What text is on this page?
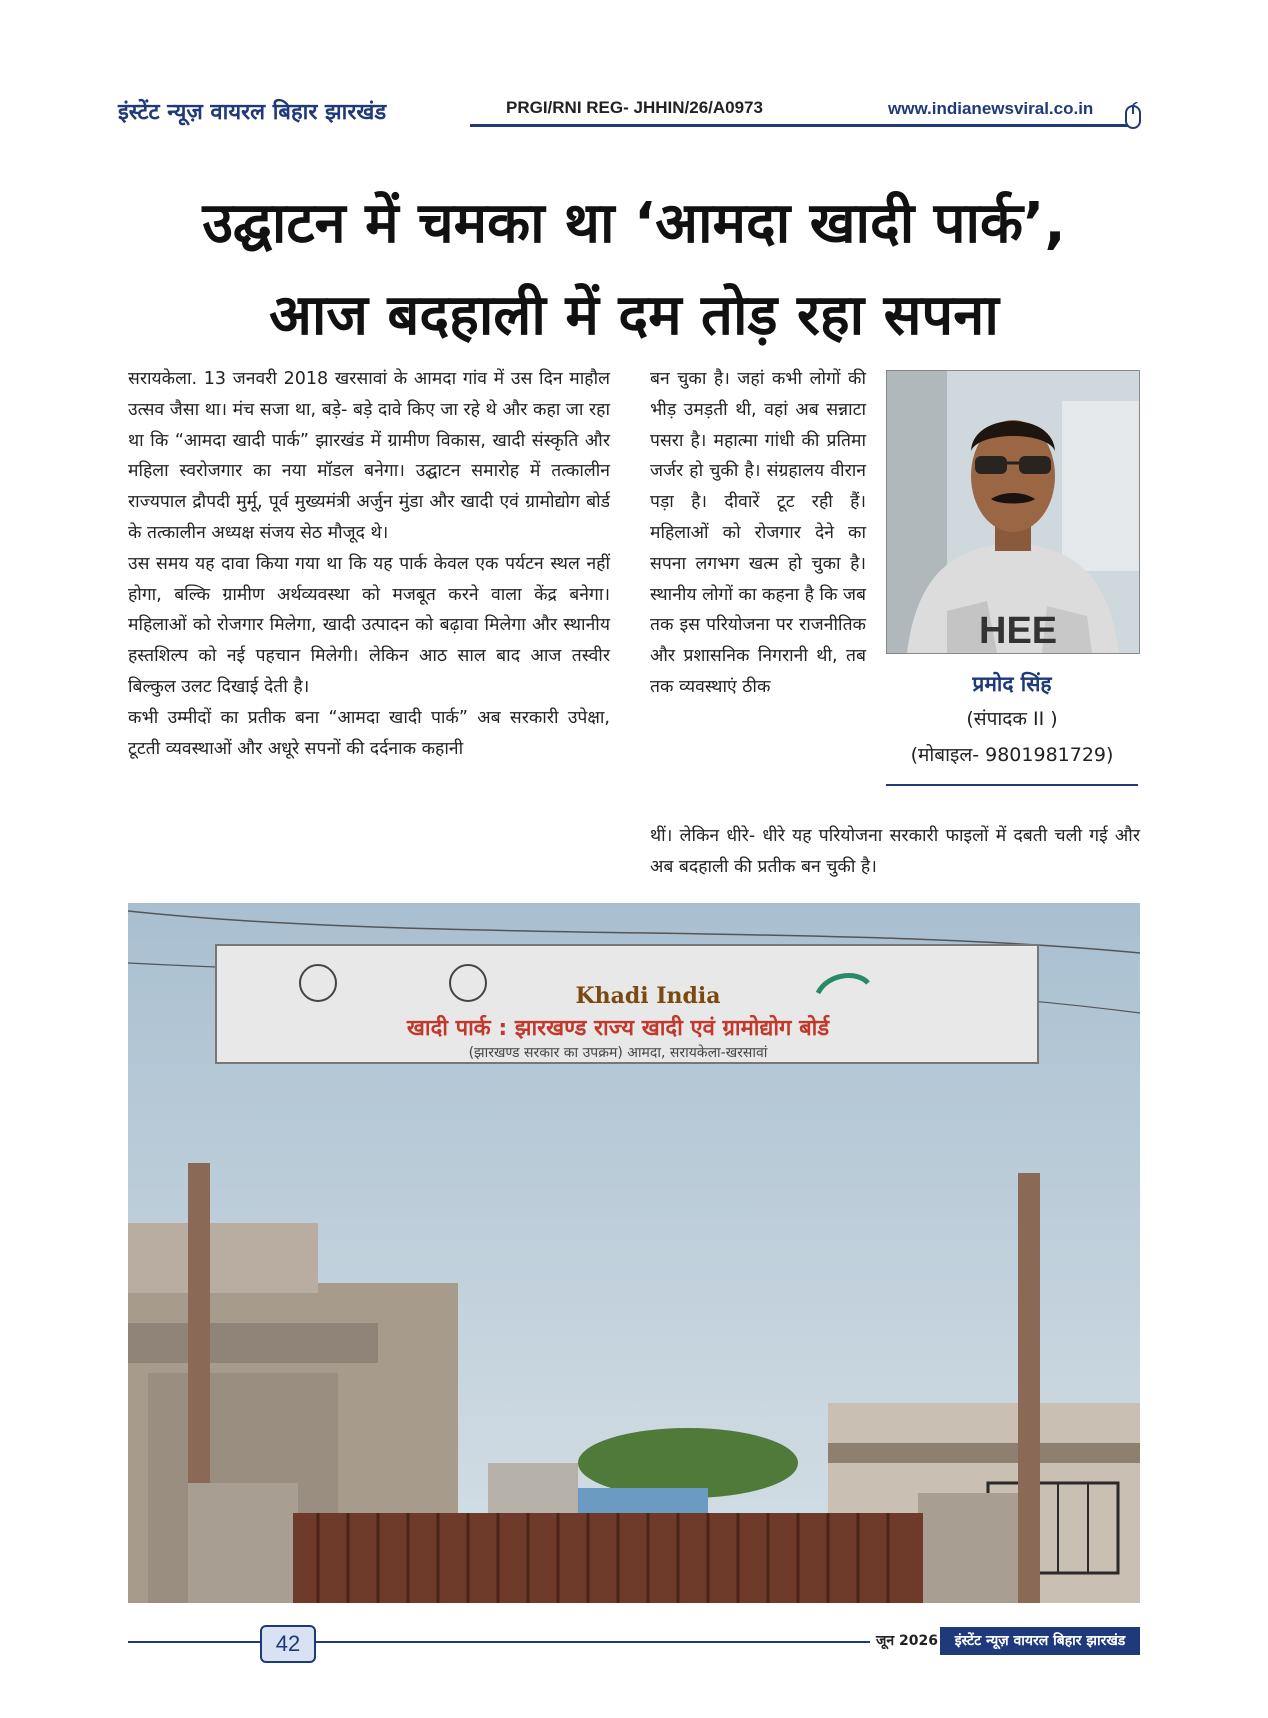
इंस्टेंट न्यूज़ वायरल बिहार झारखंड	PRGI/RNI REG- JHHIN/26/A0973	www.indianewsviral.co.in
उद्घाटन में चमका था ‘आमदा खादी पार्क’,
आज बदहाली में दम तोड़ रहा सपना

सरायकेला. 13 जनवरी 2018 खरसावां के आमदा गांव में उस दिन माहौल उत्सव जैसा था। मंच सजा था, बड़े- बड़े दावे किए जा रहे थे और कहा जा रहा था कि “आमदा खादी पार्क” झारखंड में ग्रामीण विकास, खादी संस्कृति और महिला स्वरोजगार का नया मॉडल बनेगा। उद्घाटन समारोह में तत्कालीन राज्यपाल द्रौपदी मुर्मू, पूर्व मुख्यमंत्री अर्जुन मुंडा और खादी एवं ग्रामोद्योग बोर्ड के तत्कालीन अध्यक्ष संजय सेठ मौजूद थे।

उस समय यह दावा किया गया था कि यह पार्क केवल एक पर्यटन स्थल नहीं होगा, बल्कि ग्रामीण अर्थव्यवस्था को मजबूत करने वाला केंद्र बनेगा। महिलाओं को रोजगार मिलेगा, खादी उत्पादन को बढ़ावा मिलेगा और स्थानीय हस्तशिल्प को नई पहचान मिलेगी। लेकिन आठ साल बाद आज तस्वीर बिल्कुल उलट दिखाई देती है।

कभी उम्मीदों का प्रतीक बना “आमदा खादी पार्क” अब सरकारी उपेक्षा, टूटती व्यवस्थाओं और अधूरे सपनों की दर्दनाक कहानी

बन चुका है। जहां कभी लोगों की भीड़ उमड़ती थी, वहां अब सन्नाटा पसरा है। महात्मा गांधी की प्रतिमा जर्जर हो चुकी है। संग्रहालय वीरान पड़ा है। दीवारें टूट रही हैं। महिलाओं को रोजगार देने का सपना लगभग खत्म हो चुका है। स्थानीय लोगों का कहना है कि जब तक इस परियोजना पर राजनीतिक और प्रशासनिक निगरानी थी, तब तक व्यवस्थाएं ठीक

थीं। लेकिन धीरे- धीरे यह परियोजना सरकारी फाइलों में दबती चली गई और अब बदहाली की प्रतीक बन चुकी है।

HEE
प्रमोद सिंह
(संपादक II )
(मोबाइल- 9801981729)
Khadi India
खादी पार्क : झारखण्ड राज्य खादी एवं ग्रामोद्योग बोर्ड
(झारखण्ड सरकार का उपक्रम) आमदा, सरायकेला-खरसावां
42	जून 2026	इंस्टेंट न्यूज़ वायरल बिहार झारखंड
